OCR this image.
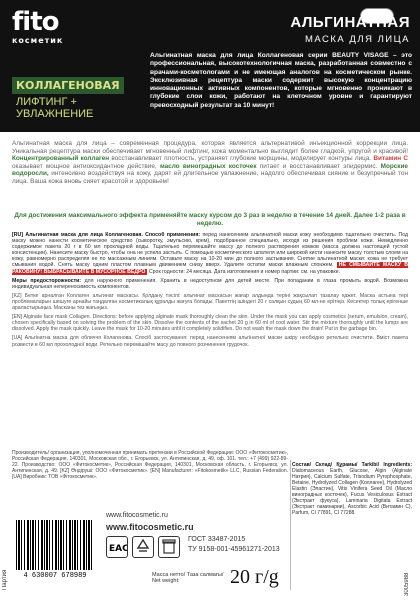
fito
косметик
АЛЬГИНАТНАЯ
МАСКА ДЛЯ ЛИЦА
Альгинатная маска для лица Коллагеновая серии BEAUTY VISAGE – это профессиональная, высокотехнологичная маска, разработанная совместно с врачами-косметологами и не имеющая аналогов на косметическом рынке. Эксклюзивная рецептура маски содержит высокую концентрацию инновационных активных компонентов, которые мгновенно проникают в глубокие слои кожи, работают на клеточном уровне и гарантируют превосходный результат за 10 минут!
КОЛЛАГЕНОВАЯ
ЛИФТИНГ +
УВЛАЖНЕНИЕ
Альгинатная маска для лица – современная процедура, которая является альтернативой инъекционной коррекции лица. Уникальная рецептура маски обеспечивает мгновенный лифтинг, кожа моментально выглядит более гладкой, упругой и красивой! Концентрированный коллаген восстанавливает плотность, устраняет глубокие морщины, моделирует контуры лица. Витамин С оказывает мощное антиоксидантное действие, масло виноградных косточек питает и восстанавливает эпидермис. Морские водоросли, интенсивно воздействуя на кожу, дарят ей длительное увлажнение, надолго обеспечивая сияние и безупречный тон лица. Ваша кожа вновь сияет красотой и здоровьем!
Для достижения максимального эффекта применяйте маску курсом до 3 раз в неделю в течение 14 дней. Далее 1-2 раза в неделю.
[RU] Альгинатная маска для лица Коллагеновая. Способ применения: перед нанесением альгинатной маски кожу необходимо тщательно очистить. Под маску можно нанести косметическое средство (сыворотку, эмульсию, крем), подобранное специально, исходя из решения проблем кожи. Немедленно содержимое пакета 20 г в 60 мл прохладной воды. Тщательно перемешайте массу до полного растворения комков (масса должна настоящей густой консистенции). Нанесите маску быстро, чтобы она не успела застыть. С помощью косметического шпателя или широкой кисти нанесите маску толстым слоем на кожу, равномерно распределяя ее по массажным линиям. Оставьте маску на 10-20 мин до полного застывания. Снятие альгинатной маски: кожа не требует смывания водой. Снять маску одним пластом плавным движением снизу вверх. Удалите остатки маски влажным спонжем. НЕ СМЫВАЙТЕ МАСКУ В РАКОВИНУ! ВЫБРАСЫВАЙТЕ В МУСОРНОЕ ВЕДРО Срок годности: 24 месяца. Дата изготовления и номер партии: см. на упаковке.
Меры предосторожности: для наружного применения. Хранить в недоступном для детей месте. При попадании в глаза промыть водой. Возможна индивидуальная непереносимость компонентов.
[KZ] Бетке арналған Коллаген альгинат маскасы. Қолдану тәсілі: альгинат маскасын жағар алдында теріні жақсылап тазалау қажет. Маска астына тері проблемаларын шешуге арнайы таңдалған косметикалық құралды жағуға болады. Пакеттің ішіндегі 20 г салқын судың 60 мл-не ерітіңіз. Кесектер толық ерігенше араластырыңыз. Масканы тез жағыңыз.
[EN] Alginate face mask Collagen. Directions: before applying alginate mask thoroughly clean the skin. Under the mask you can apply cosmetics (serum, emulsion, cream), chosen specifically based on solving the problem of the skin. Dissolve the contents of the sachet 20 g in 60 ml of cool water. Stir the mixture thoroughly until the lumps are dissolved. Apply the mask quickly. Leave the mask for 10-20 minutes until it completely solidifies. Do not wash the mask down the drain! Put in the garbage bin.
[UA] Альгінатна маска для обличчя Колагенова. Спосіб застосування: перед нанесенням альгінатної маски шкіру необхідно ретельно очистити. Вміст пакета розвести в 60 мл прохолодної води. Ретельно перемішайте масу до повного розчинення грудочок.
Производитель/ организация, уполномоченная принимать претензии в Российской Федерации: ООО «Фитокосметик», Российская Федерация, 140301, Московская обл., г. Егорьевск, ул. Антипинская, д. 49, оф. 101. тел.: +7 (499) 922-89-22. Производство: ООО «Фитокосметик», Российская Федерация, 140301, Московская область, г. Егорьевск, ул. Антипинская, д. 49. [KZ] Өндіруші: ООО «Фитокосметик». [EN] Manufacturer: «Fitokosmetik» LLC, Russian Federation. [UA] Виробник: ТОВ «Фітокосметик».
Состав/ Склад/ Құрамы/ Tarkibi/ Ingredients: Diatomaceous Earth, Glucose, Algin (Alginate Натрия), Calcium Sulfate, Trisodium Pyrophosphate, Betaine, Hydrolyzed Collagen (Коллаген), Hydrolyzed Elastin (Эластин), Vitis Vinifera Seed Oil (Масло виноградных косточек), Fucus Vesiculosus Extract (Экстракт фукуса), Laminaria Digitata Extract (Экстракт ламинарии), Ascorbic Acid (Витамин С), Parfum, CI 77891, CI 77288.
4 630007 678989
www.fitocosmetic.ru
www.fitocosmetic.ru
EAC
ГОСТ 33487-2015
ТУ 9158-001-45961271-2013
Масса нетто/ Таза салмағы/ Net weight:	20 г/g	3005988
Партия
